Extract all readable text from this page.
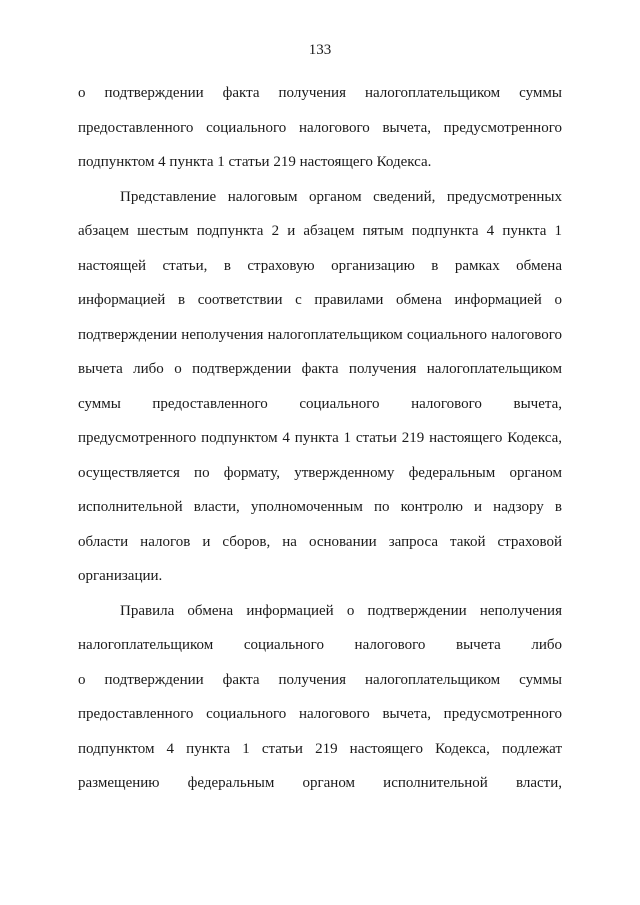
133
о подтверждении факта получения налогоплательщиком суммы
предоставленного социального налогового вычета, предусмотренного
подпунктом 4 пункта 1 статьи 219 настоящего Кодекса.
Представление налоговым органом сведений, предусмотренных
абзацем шестым подпункта 2 и абзацем пятым подпункта 4 пункта 1
настоящей статьи, в страховую организацию в рамках обмена
информацией в соответствии с правилами обмена информацией о
подтверждении неполучения налогоплательщиком социального налогового
вычета либо о подтверждении факта получения налогоплательщиком
суммы предоставленного социального налогового вычета,
предусмотренного подпунктом 4 пункта 1 статьи 219 настоящего Кодекса,
осуществляется по формату, утвержденному федеральным органом
исполнительной власти, уполномоченным по контролю и надзору в
области налогов и сборов, на основании запроса такой страховой
организации.
Правила обмена информацией о подтверждении неполучения
налогоплательщиком социального налогового вычета либо
о подтверждении факта получения налогоплательщиком суммы
предоставленного социального налогового вычета, предусмотренного
подпунктом 4 пункта 1 статьи 219 настоящего Кодекса, подлежат
размещению федеральным органом исполнительной власти,
